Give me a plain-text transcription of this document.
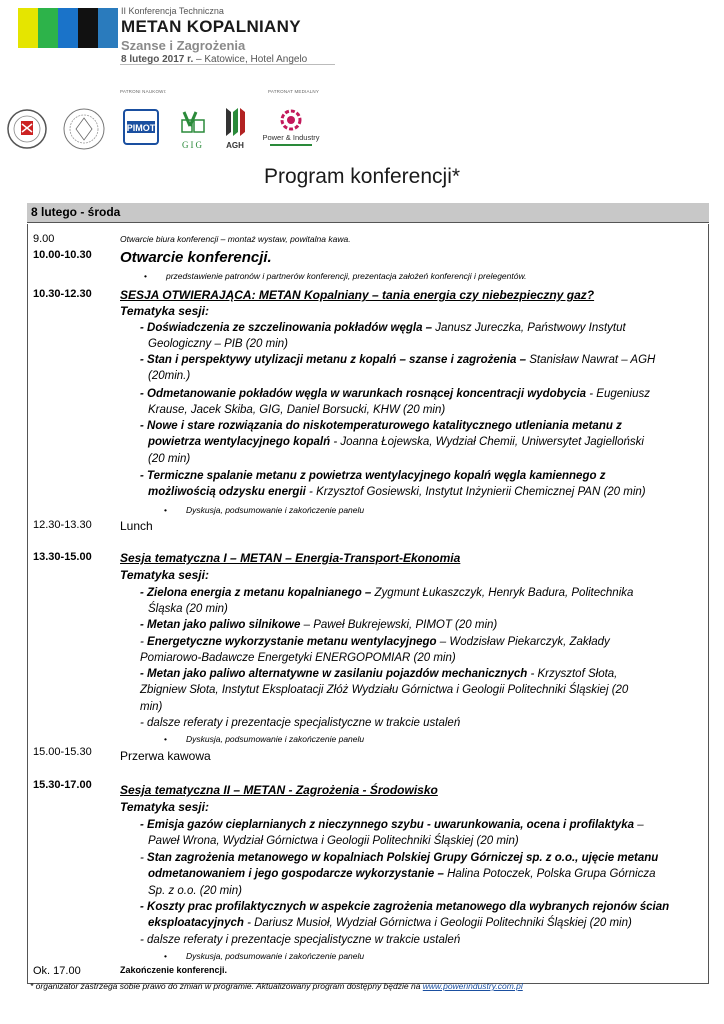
II Konferencja Techniczna
METAN KOPALNIANY
Szanse i Zagrożenia
8 lutego 2017 r. – Katowice, Hotel Angelo
PATRONI NAUKOWI:	PATRONAT MEDIALNY
PIMOT
GIG	AGH
Power & Industry
Program konferencji*
8 lutego - środa
9.00	Otwarcie biura konferencji – montaż wystaw, powitalna kawa.
10.00-10.30 Otwarcie konferencji.
• przedstawienie patronów i partnerów konferencji, prezentacja założeń konferencji i prelegentów.
10.30-12.30 SESJA OTWIERAJĄCA: METAN Kopalniany – tania energia czy niebezpieczny gaz?
Tematyka sesji:
- Doświadczenia ze szczelinowania pokładów węgla – Janusz Jureczka, Państwowy Instytut
Geologiczny – PIB (20 min)
- Stan i perspektywy utylizacji metanu z kopalń – szanse i zagrożenia – Stanisław Nawrat – AGH
(20min.)
- Odmetanowanie pokładów węgla w warunkach rosnącej koncentracji wydobycia - Eugeniusz
Krause, Jacek Skiba, GIG, Daniel Borsucki, KHW (20 min)
- Nowe i stare rozwiązania do niskotemperaturowego katalitycznego utleniania metanu z
powietrza wentylacyjnego kopalń - Joanna Łojewska, Wydział Chemii, Uniwersytet Jagielloński
(20 min)
- Termiczne spalanie metanu z powietrza wentylacyjnego kopalń węgla kamiennego z
możliwością odzysku energii - Krzysztof Gosiewski, Instytut Inżynierii Chemicznej PAN (20 min)
• Dyskusja, podsumowanie i zakończenie panelu
12.30-13.30 Lunch
13.30-15.00 Sesja tematyczna I – METAN – Energia-Transport-Ekonomia
Tematyka sesji:
- Zielona energia z metanu kopalnianego – Zygmunt Łukaszczyk, Henryk Badura, Politechnika
Śląska (20 min)
- Metan jako paliwo silnikowe – Paweł Bukrejewski, PIMOT (20 min)
- Energetyczne wykorzystanie metanu wentylacyjnego – Wodzisław Piekarczyk, Zakłady
Pomiarowo-Badawcze Energetyki ENERGOPOMIAR (20 min)
- Metan jako paliwo alternatywne w zasilaniu pojazdów mechanicznych - Krzysztof Słota,
Zbigniew Słota, Instytut Eksploatacji Złóż Wydziału Górnictwa i Geologii Politechniki Śląskiej (20
min)
- dalsze referaty i prezentacje specjalistyczne w trakcie ustaleń
• Dyskusja, podsumowanie i zakończenie panelu
15.00-15.30 Przerwa kawowa
15.30-17.00 Sesja tematyczna II – METAN - Zagrożenia - Środowisko
Tematyka sesji:
- Emisja gazów cieplarnianych z nieczynnego szybu - uwarunkowania, ocena i profilaktyka –
Paweł Wrona, Wydział Górnictwa i Geologii Politechniki Śląskiej (20 min)
- Stan zagrożenia metanowego w kopalniach Polskiej Grupy Górniczej sp. z o.o., ujęcie metanu
odmetanowaniem i jego gospodarcze wykorzystanie – Halina Potoczek, Polska Grupa Górnicza
Sp. z o.o. (20 min)
- Koszty prac profilaktycznych w aspekcie zagrożenia metanowego dla wybranych rejonów ścian
eksploatacyjnych - Dariusz Musioł, Wydział Górnictwa i Geologii Politechniki Śląskiej (20 min)
- dalsze referaty i prezentacje specjalistyczne w trakcie ustaleń
• Dyskusja, podsumowanie i zakończenie panelu
Ok. 17.00	Zakończenie konferencji.
* organizator zastrzega sobie prawo do zmian w programie. Aktualizowany program dostępny będzie na www.powerindustry.com.pl
